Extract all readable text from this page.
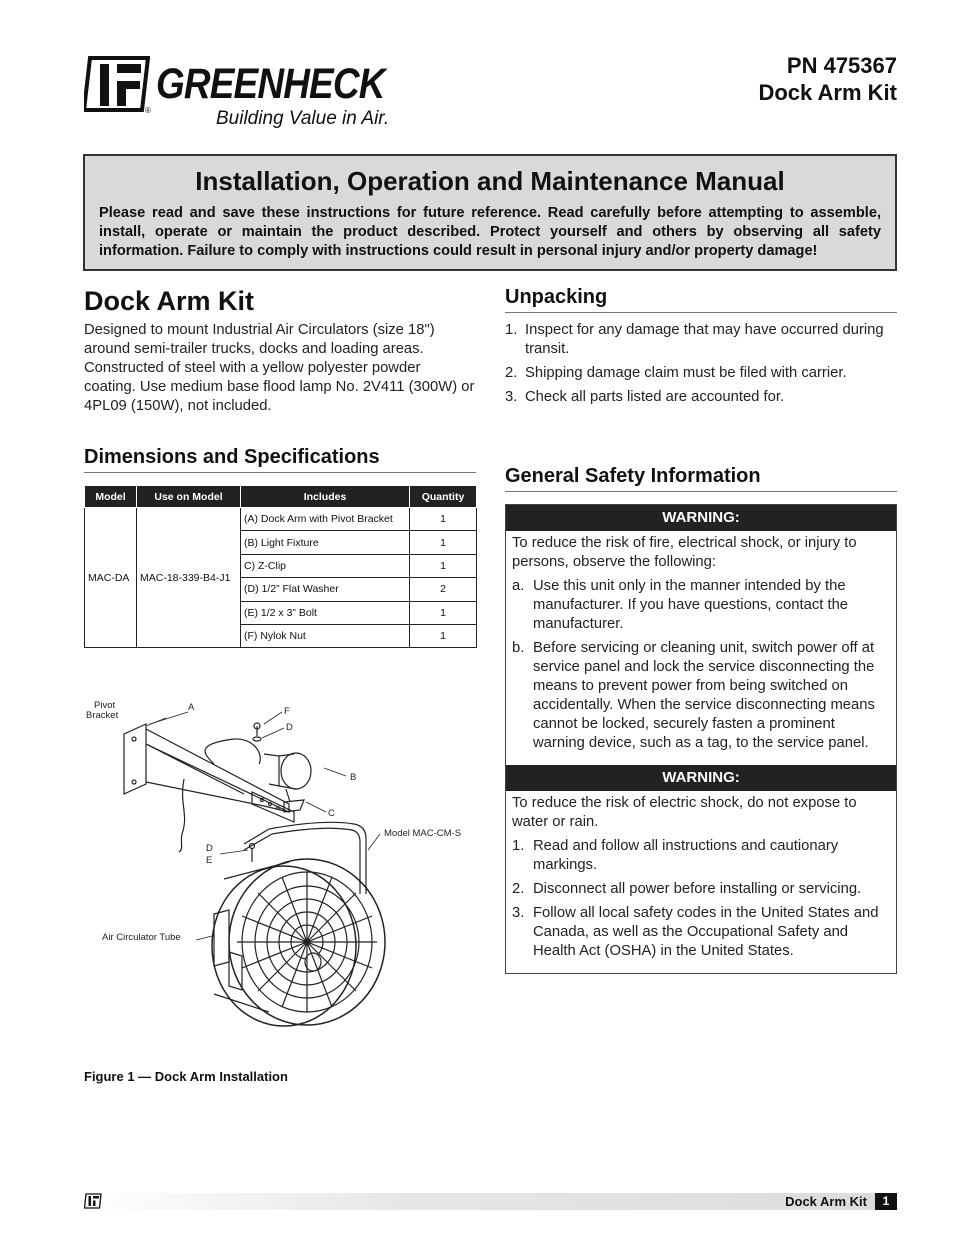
GREENHECK
®	Building Value in Air.
PN 475367
Dock Arm Kit
Installation, Operation and Maintenance Manual

Please read and save these instructions for future reference. Read carefully before attempting to assemble, install, operate or maintain the product described. Protect yourself and others by observing all safety information. Failure to comply with instructions could result in personal injury and/or property damage!

Dock Arm Kit

Designed to mount Industrial Air Circulators (size 18") around semi-trailer trucks, docks and loading areas. Constructed of steel with a yellow polyester powder coating. Use medium base flood lamp No. 2V411 (300W) or 4PL09 (150W), not included.

Dimensions and Specifications
Model	Use on Model	Includes	Quantity
MAC-DA	MAC-18-339-B4-J1	(A) Dock Arm with Pivot Bracket	1
		(B) Light Fixture	1
		C) Z-Clip	1
		(D) 1/2” Flat Washer	2
		(E) 1/2 x 3” Bolt	1
		(F) Nylok Nut	1
Pivot
Bracket
A	F
D
B
C
Model MAC-CM-S
D
E
Air Circulator Tube
Figure 1 — Dock Arm Installation
Unpacking
1. Inspect for any damage that may have occurred during transit.
2. Shipping damage claim must be filed with carrier.
3. Check all parts listed are accounted for.
General Safety Information
WARNING:

To reduce the risk of fire, electrical shock, or injury to persons, observe the following:

a. Use this unit only in the manner intended by the manufacturer. If you have questions, contact the manufacturer.
b. Before servicing or cleaning unit, switch power off at service panel and lock the service disconnecting the means to prevent power from being switched on accidentally. When the service disconnecting means cannot be locked, securely fasten a prominent warning device, such as a tag, to the service panel.
WARNING:

To reduce the risk of electric shock, do not expose to water or rain.

1. Read and follow all instructions and cautionary markings.
2. Disconnect all power before installing or servicing.
3. Follow all local safety codes in the United States and Canada, as well as the Occupational Safety and Health Act (OSHA) in the United States.
Dock Arm Kit	1
